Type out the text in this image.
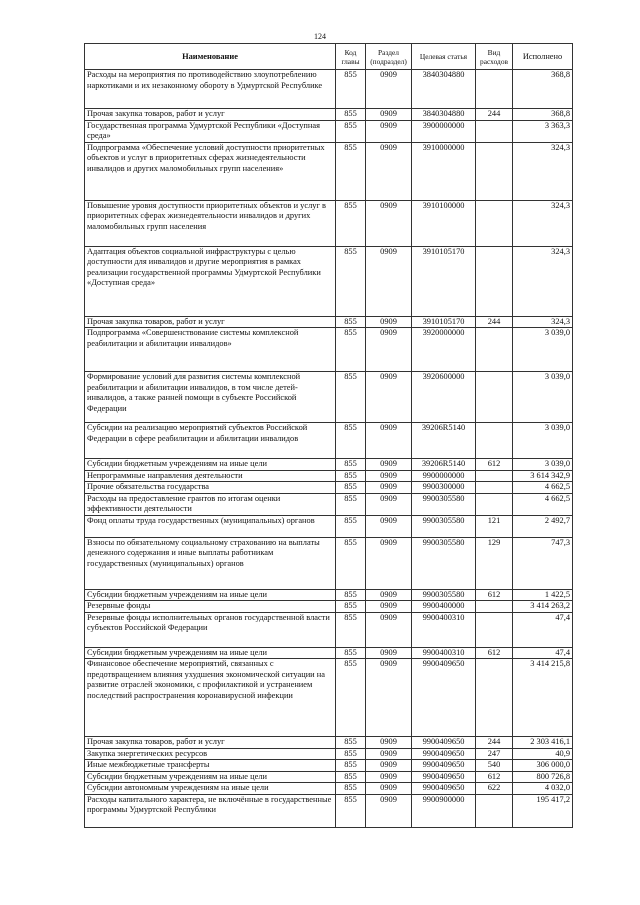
124
Наименование	Код главы	Раздел (подраздел)	Целевая статья	Вид расходов	Исполнено
Расходы на мероприятия по противодействию злоупотреблению наркотиками и их незаконному обороту в Удмуртской Республике	855	0909	3840304880		368,8
Прочая закупка товаров, работ и услуг	855	0909	3840304880	244	368,8
Государственная программа Удмуртской Республики «Доступная среда»	855	0909	3900000000		3 363,3
Подпрограмма «Обеспечение условий доступности приоритетных объектов и услуг в приоритетных сферах жизнедеятельности инвалидов и других маломобильных групп населения»	855	0909	3910000000		324,3
Повышение уровня доступности приоритетных объектов и услуг в приоритетных сферах жизнедеятельности инвалидов и других маломобильных групп населения	855	0909	3910100000		324,3
Адаптация объектов социальной инфраструктуры с целью доступности для инвалидов и другие мероприятия в рамках реализации государственной программы Удмуртской Республики «Доступная среда»	855	0909	3910105170		324,3
Прочая закупка товаров, работ и услуг	855	0909	3910105170	244	324,3
Подпрограмма «Совершенствование системы комплексной реабилитации и абилитации инвалидов»	855	0909	3920000000		3 039,0
Формирование условий для развития системы комплексной реабилитации и абилитации инвалидов, в том числе детей-инвалидов, а также ранней помощи в субъекте Российской Федерации	855	0909	3920600000		3 039,0
Субсидии на реализацию мероприятий субъектов Российской Федерации в сфере реабилитации и абилитации инвалидов	855	0909	39206R5140		3 039,0
Субсидии бюджетным учреждениям на иные цели	855	0909	39206R5140	612	3 039,0
Непрограммные направления деятельности	855	0909	9900000000		3 614 342,9
Прочие обязательства государства	855	0909	9900300000		4 662,5
Расходы на предоставление грантов по итогам оценки эффективности деятельности	855	0909	9900305580		4 662,5
Фонд оплаты труда государственных (муниципальных) органов	855	0909	9900305580	121	2 492,7
Взносы по обязательному социальному страхованию на выплаты денежного содержания и иные выплаты работникам государственных (муниципальных) органов	855	0909	9900305580	129	747,3
Субсидии бюджетным учреждениям на иные цели	855	0909	9900305580	612	1 422,5
Резервные фонды	855	0909	9900400000		3 414 263,2
Резервные фонды исполнительных органов государственной власти субъектов Российской Федерации	855	0909	9900400310		47,4
Субсидии бюджетным учреждениям на иные цели	855	0909	9900400310	612	47,4
Финансовое обеспечение мероприятий, связанных с предотвращением влияния ухудшения экономической ситуации на развитие отраслей экономики, с профилактикой и устранением последствий распространения коронавирусной инфекции	855	0909	9900409650		3 414 215,8
Прочая закупка товаров, работ и услуг	855	0909	9900409650	244	2 303 416,1
Закупка энергетических ресурсов	855	0909	9900409650	247	40,9
Иные межбюджетные трансферты	855	0909	9900409650	540	306 000,0
Субсидии бюджетным учреждениям на иные цели	855	0909	9900409650	612	800 726,8
Субсидии автономным учреждениям на иные цели	855	0909	9900409650	622	4 032,0
Расходы капитального характера, не включённые в государственные программы Удмуртской Республики	855	0909	9900900000		195 417,2
